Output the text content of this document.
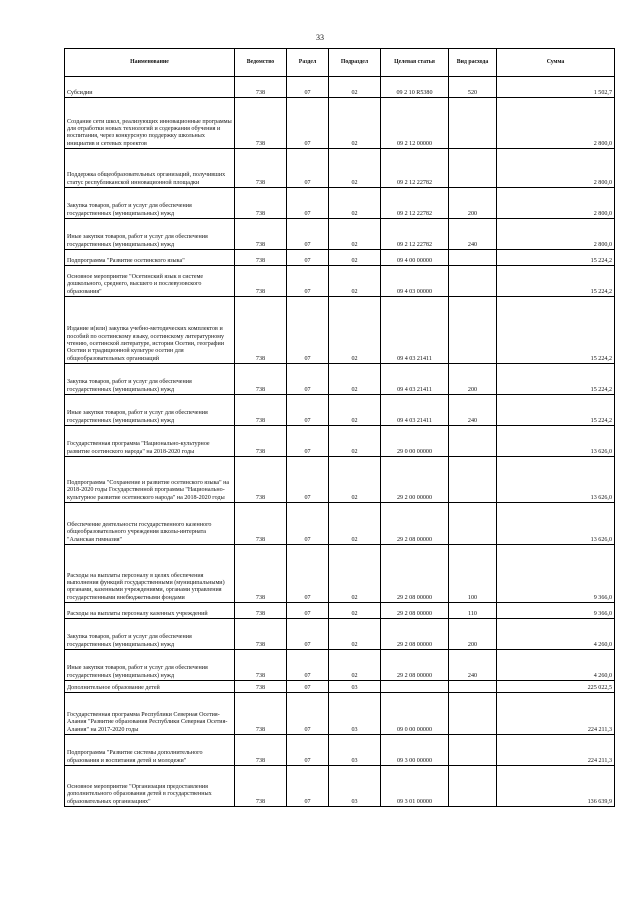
33
Наименование	Ведомство	Раздел	Подраздел	Целевая статья	Вид расхода	Сумма
Субсидии	738	07	02	09 2 10 R5380	520	1 502,7
Создание сети школ, реализующих инновационные программы для отработки новых технологий и содержания обучения и воспитания, через конкурсную поддержку школьных инициатив и сетевых проектов	738	07	02	09 2 12 00000		2 800,0
Поддержка общеобразовательных организаций, получивших статус республиканской инновационной площадки	738	07	02	09 2 12 22782		2 800,0
Закупка товаров, работ и услуг для обеспечения государственных (муниципальных) нужд	738	07	02	09 2 12 22782	200	2 800,0
Иные закупки товаров, работ и услуг для обеспечения государственных (муниципальных) нужд	738	07	02	09 2 12 22782	240	2 800,0
Подпрограмма "Развитие осетинского языка"	738	07	02	09 4 00 00000		15 224,2
Основное мероприятие "Осетинский язык в системе дошкольного, среднего, высшего и послевузовского образования"	738	07	02	09 4 03 00000		15 224,2
Издание и(или) закупка учебно-методических комплектов и пособий по осетинскому языку, осетинскому литературному чтению, осетинской литературе, истории Осетии, географии Осетии и традиционной культуре осетин для общеобразовательных организаций	738	07	02	09 4 03 21411		15 224,2
Закупка товаров, работ и услуг для обеспечения государственных (муниципальных) нужд	738	07	02	09 4 03 21411	200	15 224,2
Иные закупки товаров, работ и услуг для обеспечения государственных (муниципальных) нужд	738	07	02	09 4 03 21411	240	15 224,2
Государственная программа "Национально-культурное развитие осетинского народа" на 2018-2020 годы	738	07	02	29 0 00 00000		13 626,0
Подпрограмма "Сохранение и развитие осетинского языка" на 2018-2020 годы Государственной программы "Национально-культурное развитие осетинского народа" на 2018-2020 годы	738	07	02	29 2 00 00000		13 626,0
Обеспечение деятельности государственного казенного общеобразовательного учреждения школы-интерната "Аланская гимназия"	738	07	02	29 2 08 00000		13 626,0
Расходы на выплаты персоналу в целях обеспечения выполнения функций государственными (муниципальными) органами, казенными учреждениями, органами управления государственными внебюджетными фондами	738	07	02	29 2 08 00000	100	9 366,0
Расходы на выплаты персоналу казенных учреждений	738	07	02	29 2 08 00000	110	9 366,0
Закупка товаров, работ и услуг для обеспечения государственных (муниципальных) нужд	738	07	02	29 2 08 00000	200	4 260,0
Иные закупки товаров, работ и услуг для обеспечения государственных (муниципальных) нужд	738	07	02	29 2 08 00000	240	4 260,0
Дополнительное образование детей	738	07	03			225 022,5
Государственная программа Республики Северная Осетия-Алания "Развитие образования Республики Северная Осетия-Алания" на 2017-2020 годы	738	07	03	09 0 00 00000		224 211,3
Подпрограмма "Развитие системы дополнительного образования и воспитания детей и молодежи"	738	07	03	09 3 00 00000		224 211,3
Основное мероприятие "Организация предоставления дополнительного образования детей в государственных образовательных организациях"	738	07	03	09 3 01 00000		136 639,9
